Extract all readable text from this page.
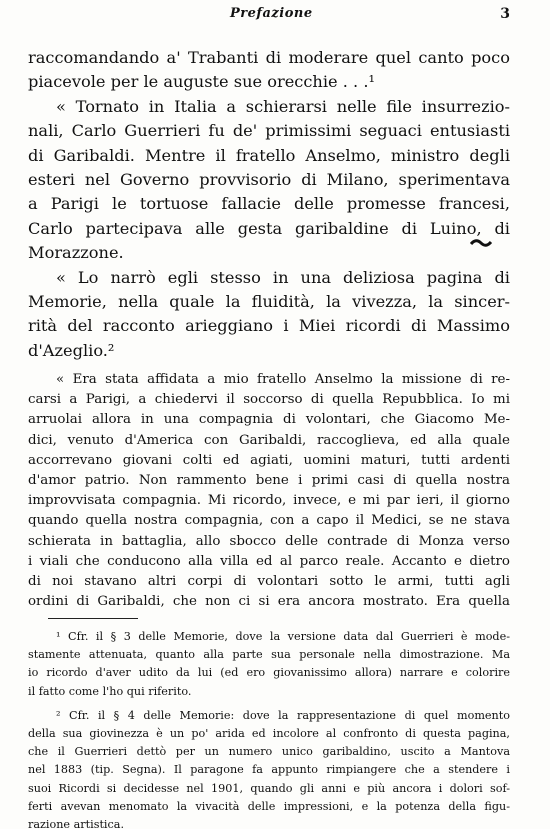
Prefazione	3

raccomandando a' Trabanti di moderare quel canto poco
piacevole per le auguste sue orecchie . . .¹

« Tornato in Italia a schierarsi nelle file insurrezio-
nali, Carlo Guerrieri fu de' primissimi seguaci entusiasti
di Garibaldi. Mentre il fratello Anselmo, ministro degli
esteri nel Governo provvisorio di Milano, sperimentava
a Parigi le tortuose fallacie delle promesse francesi,
Carlo partecipava alle gesta garibaldine di Luino, di
Morazzone.

« Lo narrò egli stesso in una deliziosa pagina di
Memorie, nella quale la fluidità, la vivezza, la sincer-
rità del racconto arieggiano i Miei ricordi di Massimo
d'Azeglio.²

« Era stata affidata a mio fratello Anselmo la missione di re-
carsi a Parigi, a chiedervi il soccorso di quella Repubblica. Io mi
arruolai allora in una compagnia di volontari, che Giacomo Me-
dici, venuto d'America con Garibaldi, raccoglieva, ed alla quale
accorrevano giovani colti ed agiati, uomini maturi, tutti ardenti
d'amor patrio. Non rammento bene i primi casi di quella nostra
improvvisata compagnia. Mi ricordo, invece, e mi par ieri, il giorno
quando quella nostra compagnia, con a capo il Medici, se ne stava
schierata in battaglia, allo sbocco delle contrade di Monza verso
i viali che conducono alla villa ed al parco reale. Accanto e dietro
di noi stavano altri corpi di volontari sotto le armi, tutti agli
ordini di Garibaldi, che non ci si era ancora mostrato. Era quella
¹ Cfr. il § 3 delle Memorie, dove la versione data dal Guerrieri è mode-
stamente attenuata, quanto alla parte sua personale nella dimostrazione. Ma
io ricordo d'aver udito da lui (ed ero giovanissimo allora) narrare e colorire
il fatto come l'ho qui riferito.
² Cfr. il § 4 delle Memorie: dove la rappresentazione di quel momento
della sua giovinezza è un po' arida ed incolore al confronto di questa pagina,
che il Guerrieri dettò per un numero unico garibaldino, uscito a Mantova
nel 1883 (tip. Segna). Il paragone fa appunto rimpiangere che a stendere i
suoi Ricordi si decidesse nel 1901, quando gli anni e più ancora i dolori sof-
ferti avevan menomato la vivacità delle impressioni, e la potenza della figu-
razione artistica.
